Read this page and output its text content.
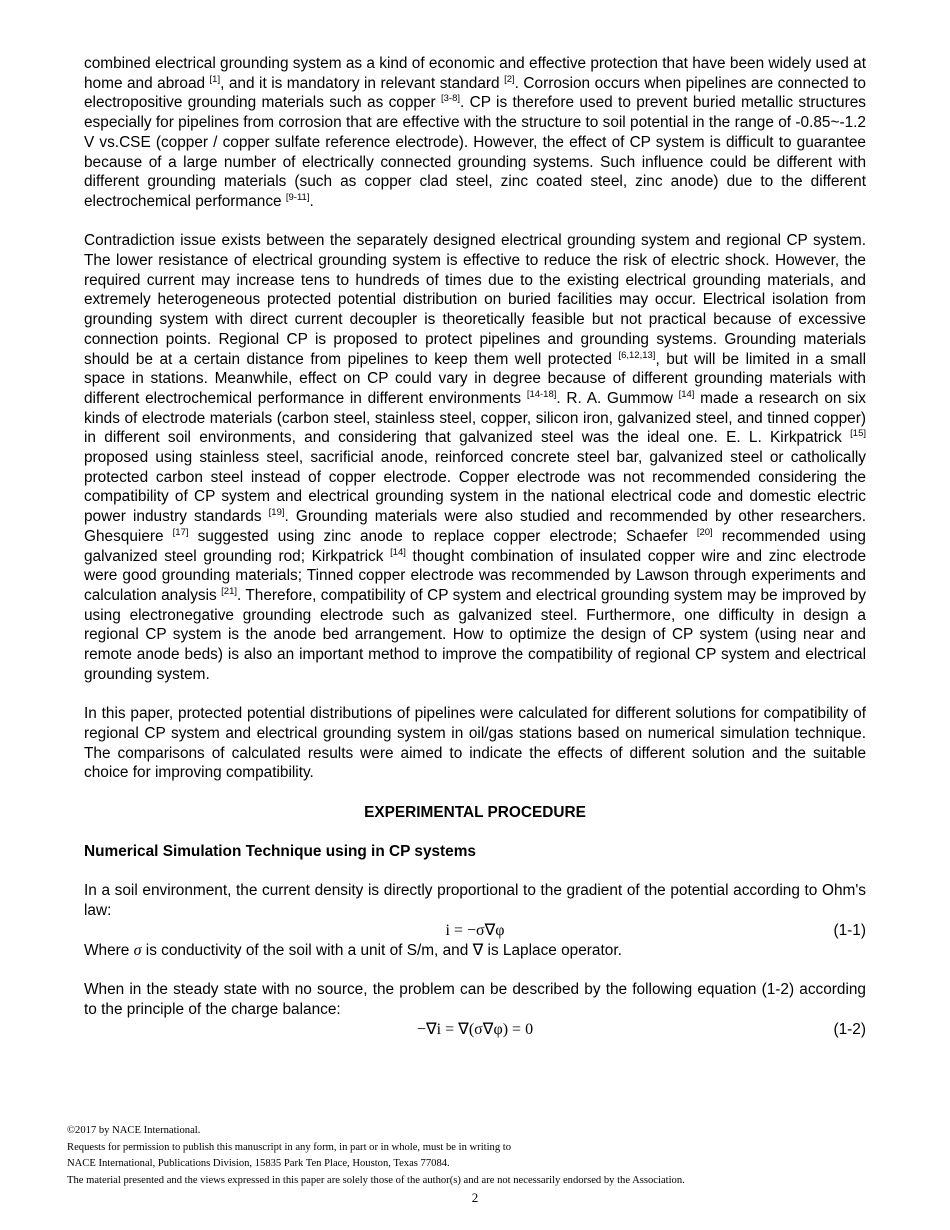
combined electrical grounding system as a kind of economic and effective protection that have been widely used at home and abroad [1], and it is mandatory in relevant standard [2]. Corrosion occurs when pipelines are connected to electropositive grounding materials such as copper [3-8]. CP is therefore used to prevent buried metallic structures especially for pipelines from corrosion that are effective with the structure to soil potential in the range of -0.85~-1.2 V vs.CSE (copper / copper sulfate reference electrode). However, the effect of CP system is difficult to guarantee because of a large number of electrically connected grounding systems. Such influence could be different with different grounding materials (such as copper clad steel, zinc coated steel, zinc anode) due to the different electrochemical performance [9-11].

Contradiction issue exists between the separately designed electrical grounding system and regional CP system. The lower resistance of electrical grounding system is effective to reduce the risk of electric shock. However, the required current may increase tens to hundreds of times due to the existing electrical grounding materials, and extremely heterogeneous protected potential distribution on buried facilities may occur. Electrical isolation from grounding system with direct current decoupler is theoretically feasible but not practical because of excessive connection points. Regional CP is proposed to protect pipelines and grounding systems. Grounding materials should be at a certain distance from pipelines to keep them well protected [6,12,13], but will be limited in a small space in stations. Meanwhile, effect on CP could vary in degree because of different grounding materials with different electrochemical performance in different environments [14-18]. R. A. Gummow [14] made a research on six kinds of electrode materials (carbon steel, stainless steel, copper, silicon iron, galvanized steel, and tinned copper) in different soil environments, and considering that galvanized steel was the ideal one. E. L. Kirkpatrick [15] proposed using stainless steel, sacrificial anode, reinforced concrete steel bar, galvanized steel or catholically protected carbon steel instead of copper electrode. Copper electrode was not recommended considering the compatibility of CP system and electrical grounding system in the national electrical code and domestic electric power industry standards [19]. Grounding materials were also studied and recommended by other researchers. Ghesquiere [17] suggested using zinc anode to replace copper electrode; Schaefer [20] recommended using galvanized steel grounding rod; Kirkpatrick [14] thought combination of insulated copper wire and zinc electrode were good grounding materials; Tinned copper electrode was recommended by Lawson through experiments and calculation analysis [21]. Therefore, compatibility of CP system and electrical grounding system may be improved by using electronegative grounding electrode such as galvanized steel. Furthermore, one difficulty in design a regional CP system is the anode bed arrangement. How to optimize the design of CP system (using near and remote anode beds) is also an important method to improve the compatibility of regional CP system and electrical grounding system.

In this paper, protected potential distributions of pipelines were calculated for different solutions for compatibility of regional CP system and electrical grounding system in oil/gas stations based on numerical simulation technique. The comparisons of calculated results were aimed to indicate the effects of different solution and the suitable choice for improving compatibility.

EXPERIMENTAL PROCEDURE

Numerical Simulation Technique using in CP systems

In a soil environment, the current density is directly proportional to the gradient of the potential according to Ohm's law:

i = −σ∇φ	(1-1)

Where σ is conductivity of the soil with a unit of S/m, and ∇ is Laplace operator.

When in the steady state with no source, the problem can be described by the following equation (1-2) according to the principle of the charge balance:

−∇i = ∇(σ∇φ) = 0	(1-2)
©2017 by NACE International.
Requests for permission to publish this manuscript in any form, in part or in whole, must be in writing to
NACE International, Publications Division, 15835 Park Ten Place, Houston, Texas 77084.
The material presented and the views expressed in this paper are solely those of the author(s) and are not necessarily endorsed by the Association.
2
